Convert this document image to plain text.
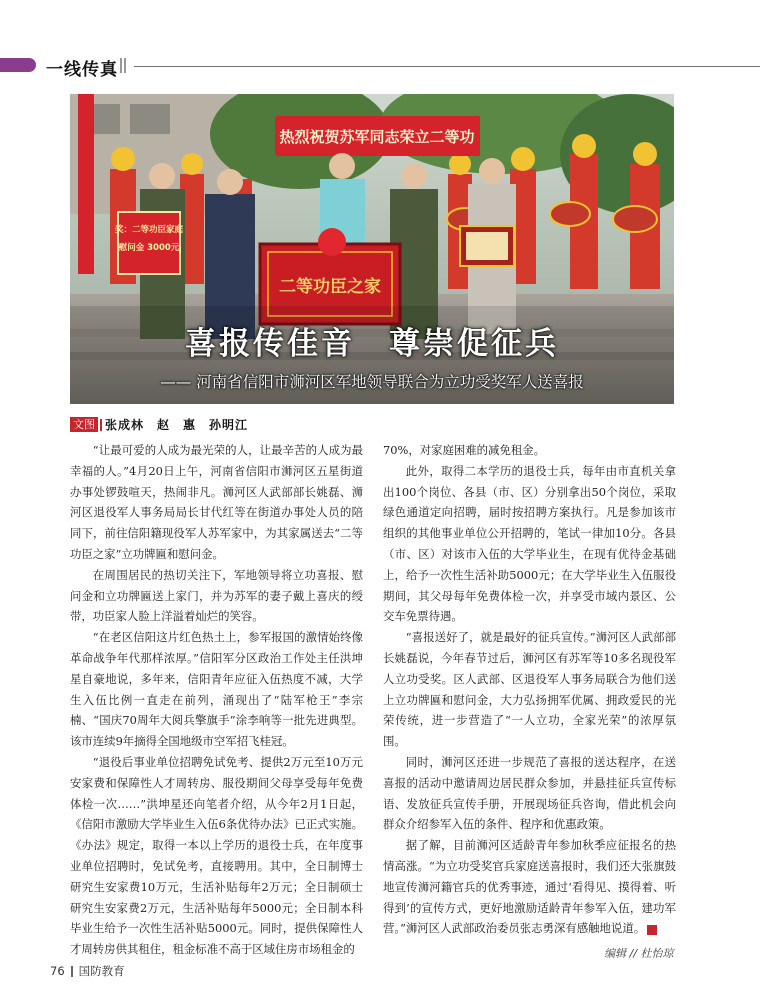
一线传真
热烈祝贺苏军同志荣立二等功
奖：二等功臣家庭
慰问金 3000元
二等功臣之家
喜报传佳音　尊崇促征兵
—— 河南省信阳市浉河区军地领导联合为立功受奖军人送喜报
文图 张成林　赵　惠　孙明江

“让最可爱的人成为最光荣的人，让最辛苦的人成为最幸福的人。”4月20日上午，河南省信阳市浉河区五星街道办事处锣鼓喧天，热闹非凡。浉河区人武部部长姚磊、浉河区退役军人事务局局长甘代红等在街道办事处人员的陪同下，前往信阳籍现役军人苏军家中，为其家属送去“二等功臣之家”立功牌匾和慰问金。

在周围居民的热切关注下，军地领导将立功喜报、慰问金和立功牌匾送上家门，并为苏军的妻子戴上喜庆的绶带，功臣家人脸上洋溢着灿烂的笑容。

“在老区信阳这片红色热土上，参军报国的激情始终像革命战争年代那样浓厚。”信阳军分区政治工作处主任洪坤星自豪地说，多年来，信阳青年应征入伍热度不减，大学生入伍比例一直走在前列，涌现出了“陆军枪王”李宗楠、“国庆70周年大阅兵擎旗手”涂李响等一批先进典型。该市连续9年摘得全国地级市空军招飞桂冠。

“退役后事业单位招聘免试免考、提供2万元至10万元安家费和保障性人才周转房、服役期间父母享受每年免费体检一次……”洪坤星还向笔者介绍，从今年2月1日起，《信阳市激励大学毕业生入伍6条优待办法》已正式实施。《办法》规定，取得一本以上学历的退役士兵，在年度事业单位招聘时，免试免考，直接聘用。其中，全日制博士研究生安家费10万元，生活补贴每年2万元；全日制硕士研究生安家费2万元，生活补贴每年5000元；全日制本科毕业生给予一次性生活补贴5000元。同时，提供保障性人才周转房供其租住，租金标准不高于区域住房市场租金的

70%，对家庭困难的减免租金。

此外，取得二本学历的退役士兵，每年由市直机关拿出100个岗位、各县（市、区）分别拿出50个岗位，采取绿色通道定向招聘，届时按招聘方案执行。凡是参加该市组织的其他事业单位公开招聘的，笔试一律加10分。各县（市、区）对该市入伍的大学毕业生，在现有优待金基础上，给予一次性生活补助5000元；在大学毕业生入伍服役期间，其父母每年免费体检一次，并享受市域内景区、公交车免票待遇。

“喜报送好了，就是最好的征兵宣传。”浉河区人武部部长姚磊说，今年春节过后，浉河区有苏军等10多名现役军人立功受奖。区人武部、区退役军人事务局联合为他们送上立功牌匾和慰问金，大力弘扬拥军优属、拥政爱民的光荣传统，进一步营造了“一人立功，全家光荣”的浓厚氛围。

同时，浉河区还进一步规范了喜报的送达程序，在送喜报的活动中邀请周边居民群众参加，并悬挂征兵宣传标语、发放征兵宣传手册，开展现场征兵咨询，借此机会向群众介绍参军入伍的条件、程序和优惠政策。

据了解，目前浉河区适龄青年参加秋季应征报名的热情高涨。“为立功受奖官兵家庭送喜报时，我们还大张旗鼓地宣传浉河籍官兵的优秀事迹，通过‘看得见、摸得着、听得到’的宣传方式，更好地激励适龄青年参军入伍，建功军营。”浉河区人武部政治委员张志勇深有感触地说道。	G

编辑 // 杜怡琼
76 国防教育
